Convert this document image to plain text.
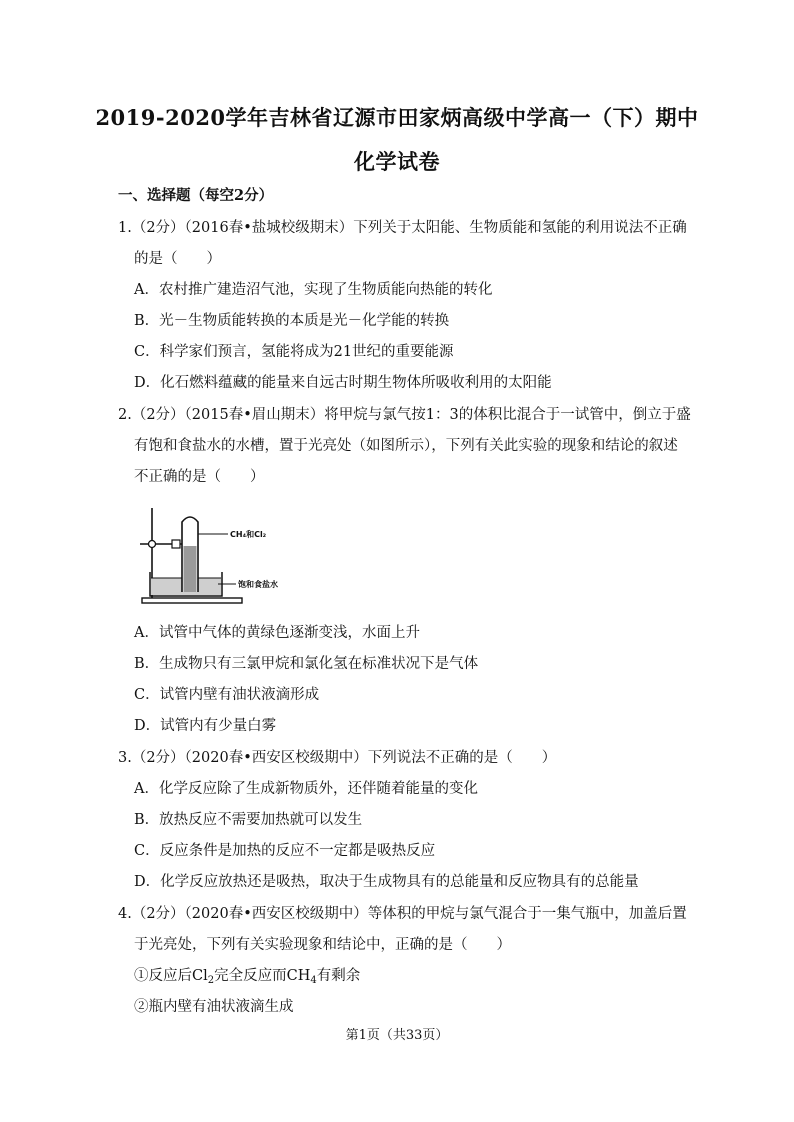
2019-2020学年吉林省辽源市田家炳高级中学高一（下）期中
化学试卷
一、选择题（每空2分）
1.（2分）（2016春•盐城校级期末）下列关于太阳能、生物质能和氢能的利用说法不正确
的是（　　）
A．农村推广建造沼气池，实现了生物质能向热能的转化
B．光－生物质能转换的本质是光－化学能的转换
C．科学家们预言，氢能将成为21世纪的重要能源
D．化石燃料蕴藏的能量来自远古时期生物体所吸收利用的太阳能
2.（2分）（2015春•眉山期末）将甲烷与氯气按1：3的体积比混合于一试管中，倒立于盛
有饱和食盐水的水槽，置于光亮处（如图所示），下列有关此实验的现象和结论的叙述
不正确的是（　　）
CH₄和Cl₂
饱和食盐水
A．试管中气体的黄绿色逐渐变浅，水面上升
B．生成物只有三氯甲烷和氯化氢在标准状况下是气体
C．试管内壁有油状液滴形成
D．试管内有少量白雾
3.（2分）（2020春•西安区校级期中）下列说法不正确的是（　　）
A．化学反应除了生成新物质外，还伴随着能量的变化
B．放热反应不需要加热就可以发生
C．反应条件是加热的反应不一定都是吸热反应
D．化学反应放热还是吸热，取决于生成物具有的总能量和反应物具有的总能量
4.（2分）（2020春•西安区校级期中）等体积的甲烷与氯气混合于一集气瓶中，加盖后置
于光亮处，下列有关实验现象和结论中，正确的是（　　）
①反应后$Cl_2$完全反应而$CH_4$有剩余
②瓶内壁有油状液滴生成
第1页（共33页）
